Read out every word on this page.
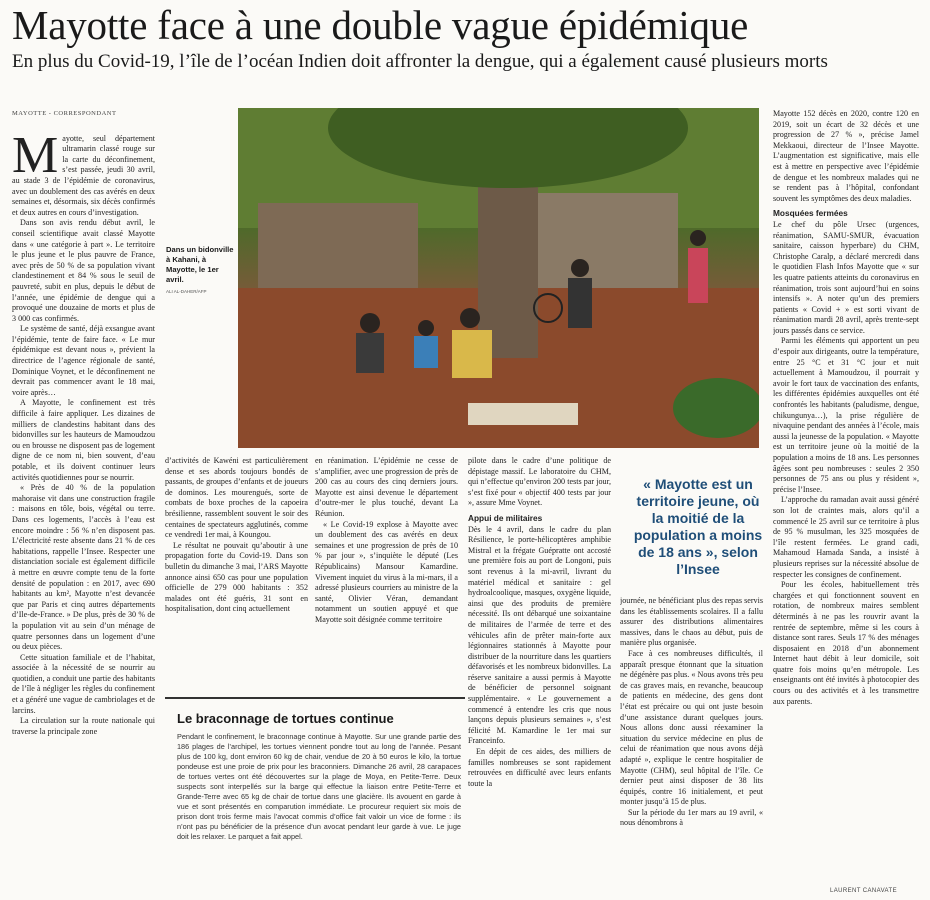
Mayotte face à une double vague épidémique
En plus du Covid-19, l’île de l’océan Indien doit affronter la dengue, qui a également causé plusieurs morts

MAYOTTE - CORRESPONDANT

M ayotte, seul département ultramarin classé rouge sur la carte du déconfinement, s’est passée, jeudi 30 avril, au stade 3 de l’épidémie de coronavirus, avec un doublement des cas avérés en deux semaines et, désormais, six décès confirmés et deux autres en cours d’investigation.

Dans son avis rendu début avril, le conseil scientifique avait classé Mayotte dans « une catégorie à part ». Le territoire le plus jeune et le plus pauvre de France, avec près de 50 % de sa population vivant clandestinement et 84 % sous le seuil de pauvreté, subit en plus, depuis le début de l’année, une épidémie de dengue qui a provoqué une douzaine de morts et plus de 3 000 cas confirmés.

Le système de santé, déjà exsangue avant l’épidémie, tente de faire face. « Le mur épidémique est devant nous », prévient la directrice de l’agence régionale de santé, Dominique Voynet, et le déconfinement ne devrait pas commencer avant le 18 mai, voire après…

A Mayotte, le confinement est très difficile à faire appliquer. Les dizaines de milliers de clandestins habitant dans des bidonvilles sur les hauteurs de Mamoudzou ou en brousse ne disposent pas de logement digne de ce nom ni, bien souvent, d’eau potable, et ils doivent continuer leurs activités quotidiennes pour se nourrir.

« Près de 40 % de la population mahoraise vit dans une construction fragile : maisons en tôle, bois, végétal ou terre. Dans ces logements, l’accès à l’eau est encore moindre : 56 % n’en disposent pas. L’électricité reste absente dans 21 % de ces habitations, rappelle l’Insee. Respecter une distanciation sociale est également difficile à mettre en œuvre compte tenu de la forte densité de population : en 2017, avec 690 habitants au km², Mayotte n’est devancée que par Paris et cinq autres départements d’Ile-de-France. » De plus, près de 30 % de la population vit au sein d’un ménage de quatre personnes dans un logement d’une ou deux pièces.

Cette situation familiale et de l’habitat, associée à la nécessité de se nourrir au quotidien, a conduit une partie des habitants de l’île à négliger les règles du confinement et a généré une vague de cambriolages et de larcins.

La circulation sur la route nationale qui traverse la principale zone

Dans un bidonville à Kahani, à Mayotte, le 1er avril.
ALI AL-DAHER/AFP

d’activités de Kawéni est particulièrement dense et ses abords toujours bondés de passants, de groupes d’enfants et de joueurs de dominos. Les mourengués, sorte de combats de boxe proches de la capoeira brésilienne, rassemblent souvent le soir des centaines de spectateurs agglutinés, comme ce vendredi 1er mai, à Koungou.

Le résultat ne pouvait qu’aboutir à une propagation forte du Covid-19. Dans son bulletin du dimanche 3 mai, l’ARS Mayotte annonce ainsi 650 cas pour une population officielle de 279 000 habitants : 352 malades ont été guéris, 31 sont en hospitalisation, dont cinq actuellement

en réanimation. L’épidémie ne cesse de s’amplifier, avec une progression de près de 200 cas au cours des cinq derniers jours. Mayotte est ainsi devenue le département d’outre-mer le plus touché, devant La Réunion.

« Le Covid-19 explose à Mayotte avec un doublement des cas avérés en deux semaines et une progression de près de 10 % par jour », s’inquiète le député (Les Républicains) Mansour Kamardine. Vivement inquiet du virus à la mi-mars, il a adressé plusieurs courriers au ministre de la santé, Olivier Véran, demandant notamment un soutien appuyé et que Mayotte soit désignée comme territoire

Le braconnage de tortues continue
Pendant le confinement, le braconnage continue à Mayotte. Sur une grande partie des 186 plages de l’archipel, les tortues viennent pondre tout au long de l’année. Pesant plus de 100 kg, dont environ 60 kg de chair, vendue de 20 à 50 euros le kilo, la tortue pondeuse est une proie de prix pour les braconniers. Dimanche 26 avril, 28 carapaces de tortues vertes ont été découvertes sur la plage de Moya, en Petite-Terre. Deux suspects sont interpellés sur la barge qui effectue la liaison entre Petite-Terre et Grande-Terre avec 65 kg de chair de tortue dans une glacière. Ils avouent en garde à vue et sont présentés en comparution immédiate. Le procureur requiert six mois de prison dont trois ferme mais l’avocat commis d’office fait valoir un vice de forme : ils n’ont pas pu bénéficier de la présence d’un avocat pendant leur garde à vue. Le juge doit les relaxer. Le parquet a fait appel.

pilote dans le cadre d’une politique de dépistage massif. Le laboratoire du CHM, qui n’effectue qu’environ 200 tests par jour, s’est fixé pour « objectif 400 tests par jour », assure Mme Voynet.

Appui de militaires

Dès le 4 avril, dans le cadre du plan Résilience, le porte-hélicoptères amphibie Mistral et la frégate Guépratte ont accosté une première fois au port de Longoni, puis sont revenus à la mi-avril, livrant du matériel médical et sanitaire : gel hydroalcoolique, masques, oxygène liquide, ainsi que des produits de première nécessité. Ils ont débarqué une soixantaine de militaires de l’armée de terre et des véhicules afin de prêter main-forte aux légionnaires stationnés à Mayotte pour distribuer de la nourriture dans les quartiers défavorisés et les nombreux bidonvilles. La réserve sanitaire a aussi permis à Mayotte de bénéficier de personnel soignant supplémentaire. « Le gouvernement a commencé à entendre les cris que nous lançons depuis plusieurs semaines », s’est félicité M. Kamardine le 1er mai sur Franceinfo.

En dépit de ces aides, des milliers de familles nombreuses se sont rapidement retrouvées en difficulté avec leurs enfants toute la

« Mayotte est un territoire jeune, où la moitié de la population a moins de 18 ans », selon l’Insee

journée, ne bénéficiant plus des repas servis dans les établissements scolaires. Il a fallu assurer des distributions alimentaires massives, dans le chaos au début, puis de manière plus organisée.

Face à ces nombreuses difficultés, il apparaît presque étonnant que la situation ne dégénère pas plus. « Nous avons très peu de cas graves mais, en revanche, beaucoup de patients en médecine, des gens dont l’état est précaire ou qui ont juste besoin d’une assistance durant quelques jours. Nous allons donc aussi réexaminer la situation du service médecine en plus de celui de réanimation que nous avons déjà adapté », explique le centre hospitalier de Mayotte (CHM), seul hôpital de l’île. Ce dernier peut ainsi disposer de 38 lits équipés, contre 16 initialement, et peut monter jusqu’à 15 de plus.

Sur la période du 1er mars au 19 avril, « nous dénombrons à

Mayotte 152 décès en 2020, contre 120 en 2019, soit un écart de 32 décès et une progression de 27 % », précise Jamel Mekkaoui, directeur de l’Insee Mayotte. L’augmentation est significative, mais elle est à mettre en perspective avec l’épidémie de dengue et les nombreux malades qui ne se rendent pas à l’hôpital, confondant souvent les symptômes des deux maladies.

Mosquées fermées

Le chef du pôle Ursec (urgences, réanimation, SAMU-SMUR, évacuation sanitaire, caisson hyperbare) du CHM, Christophe Caralp, a déclaré mercredi dans le quotidien Flash Infos Mayotte que « sur les quatre patients atteints du coronavirus en réanimation, trois sont aujourd’hui en soins intensifs ». A noter qu’un des premiers patients « Covid + » est sorti vivant de réanimation mardi 28 avril, après trente-sept jours passés dans ce service.

Parmi les éléments qui apportent un peu d’espoir aux dirigeants, outre la température, entre 25 °C et 31 °C jour et nuit actuellement à Mamoudzou, il pourrait y avoir le fort taux de vaccination des enfants, les différentes épidémies auxquelles ont été confrontés les habitants (paludisme, dengue, chikungunya…), la prise régulière de nivaquine pendant des années à l’école, mais aussi la jeunesse de la population. « Mayotte est un territoire jeune où la moitié de la population a moins de 18 ans. Les personnes âgées sont peu nombreuses : seules 2 350 personnes de 75 ans ou plus y résident », précise l’Insee.

L’approche du ramadan avait aussi généré son lot de craintes mais, alors qu’il a commencé le 25 avril sur ce territoire à plus de 95 % musulman, les 325 mosquées de l’île restent fermées. Le grand cadi, Mahamoud Hamada Sanda, a insisté à plusieurs reprises sur la nécessité absolue de respecter les consignes de confinement.

Pour les écoles, habituellement très chargées et qui fonctionnent souvent en rotation, de nombreux maires semblent déterminés à ne pas les rouvrir avant la rentrée de septembre, même si les cours à distance sont rares. Seuls 17 % des ménages disposaient en 2018 d’un abonnement Internet haut débit à leur domicile, soit quatre fois moins qu’en métropole. Les enseignants ont été invités à photocopier des cours ou des activités et à les transmettre aux parents.

LAURENT CANAVATE
